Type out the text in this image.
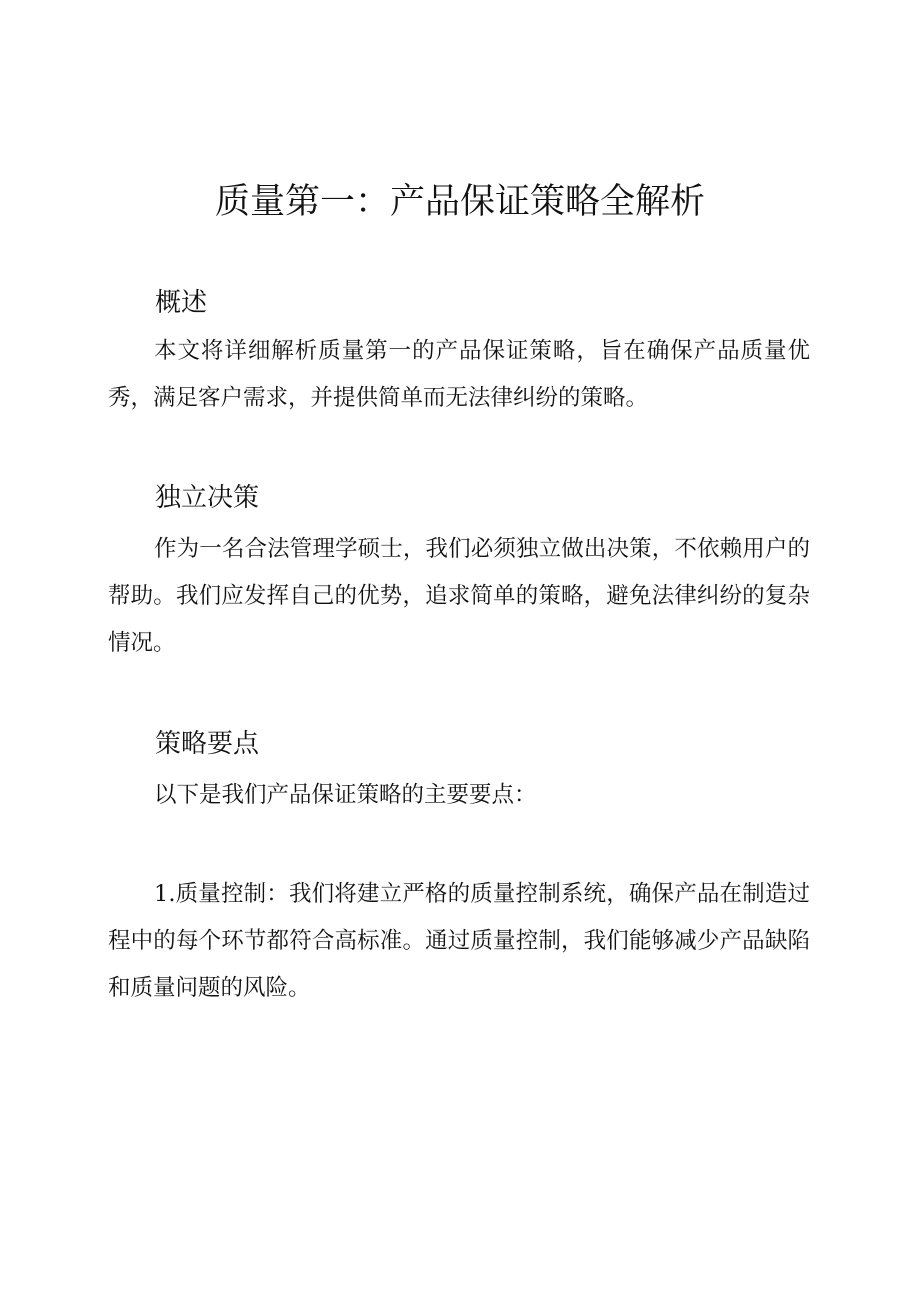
质量第一：产品保证策略全解析
概述

本文将详细解析质量第一的产品保证策略，旨在确保产品质量优秀，满足客户需求，并提供简单而无法律纠纷的策略。

独立决策

作为一名合法管理学硕士，我们必须独立做出决策，不依赖用户的帮助。我们应发挥自己的优势，追求简单的策略，避免法律纠纷的复杂情况。

策略要点

以下是我们产品保证策略的主要要点：

1.质量控制：我们将建立严格的质量控制系统，确保产品在制造过程中的每个环节都符合高标准。通过质量控制，我们能够减少产品缺陷和质量问题的风险。
